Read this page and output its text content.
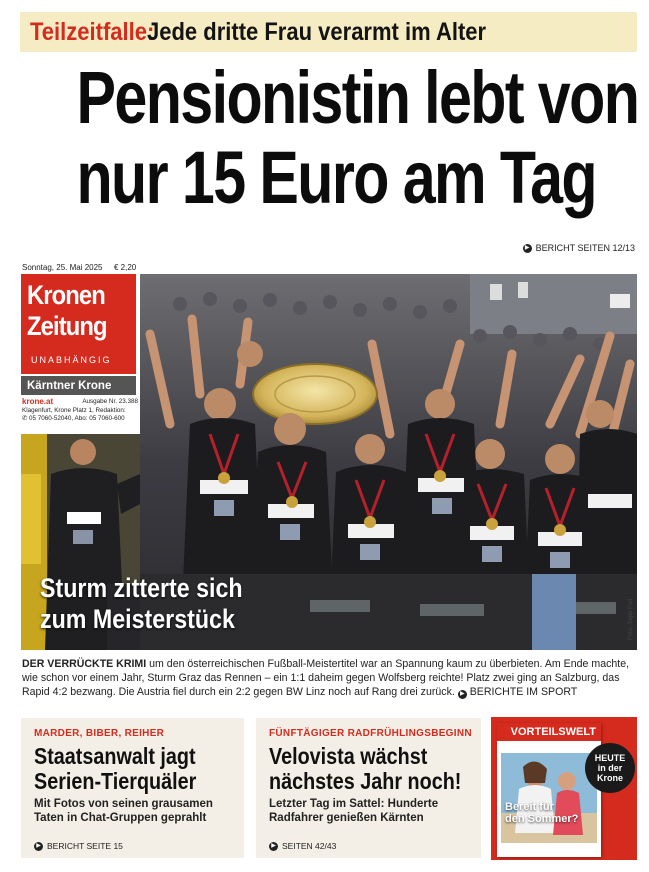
Teilzeitfalle:
Jede dritte Frau verarmt im Alter
Pensionistin lebt von
nur 15 Euro am Tag
▶ BERICHT SEITEN 12/13
Sonntag, 25. Mai 2025 € 2,20
Kronen
Zeitung
UNABHÄNGIG
Kärntner Krone
krone.at	Ausgabe Nr. 23.388
Klagenfurt, Krone Platz 1, Redaktion:
✆ 05 7060-52040, Abo: 05 7060-600
Sturm zitterte sich
zum Meisterstück	Foto: Sepp Pail
DER VERRÜCKTE KRIMI um den österreichischen Fußball-Meistertitel war an Spannung kaum zu überbieten. Am Ende machte, wie schon vor einem Jahr, Sturm Graz das Rennen – ein 1:1 daheim gegen Wolfsberg reichte! Platz zwei ging an Salzburg, das Rapid 4:2 bezwang. Die Austria fiel durch ein 2:2 gegen BW Linz noch auf Rang drei zurück. ▶ BERICHTE IM SPORT
MARDER, BIBER, REIHER
Staatsanwalt jagt
Serien-Tierquäler
Mit Fotos von seinen grausamen Taten in Chat-Gruppen geprahlt
▶ BERICHT SEITE 15
FÜNFTÄGIGER RADFRÜHLINGSBEGINN
Velovista wächst
nächstes Jahr noch!
Letzter Tag im Sattel: Hunderte Radfahrer genießen Kärnten
▶ SEITEN 42/43
VORTEILSWELT
Bereit für
den Sommer?
HEUTE
in der
Krone
